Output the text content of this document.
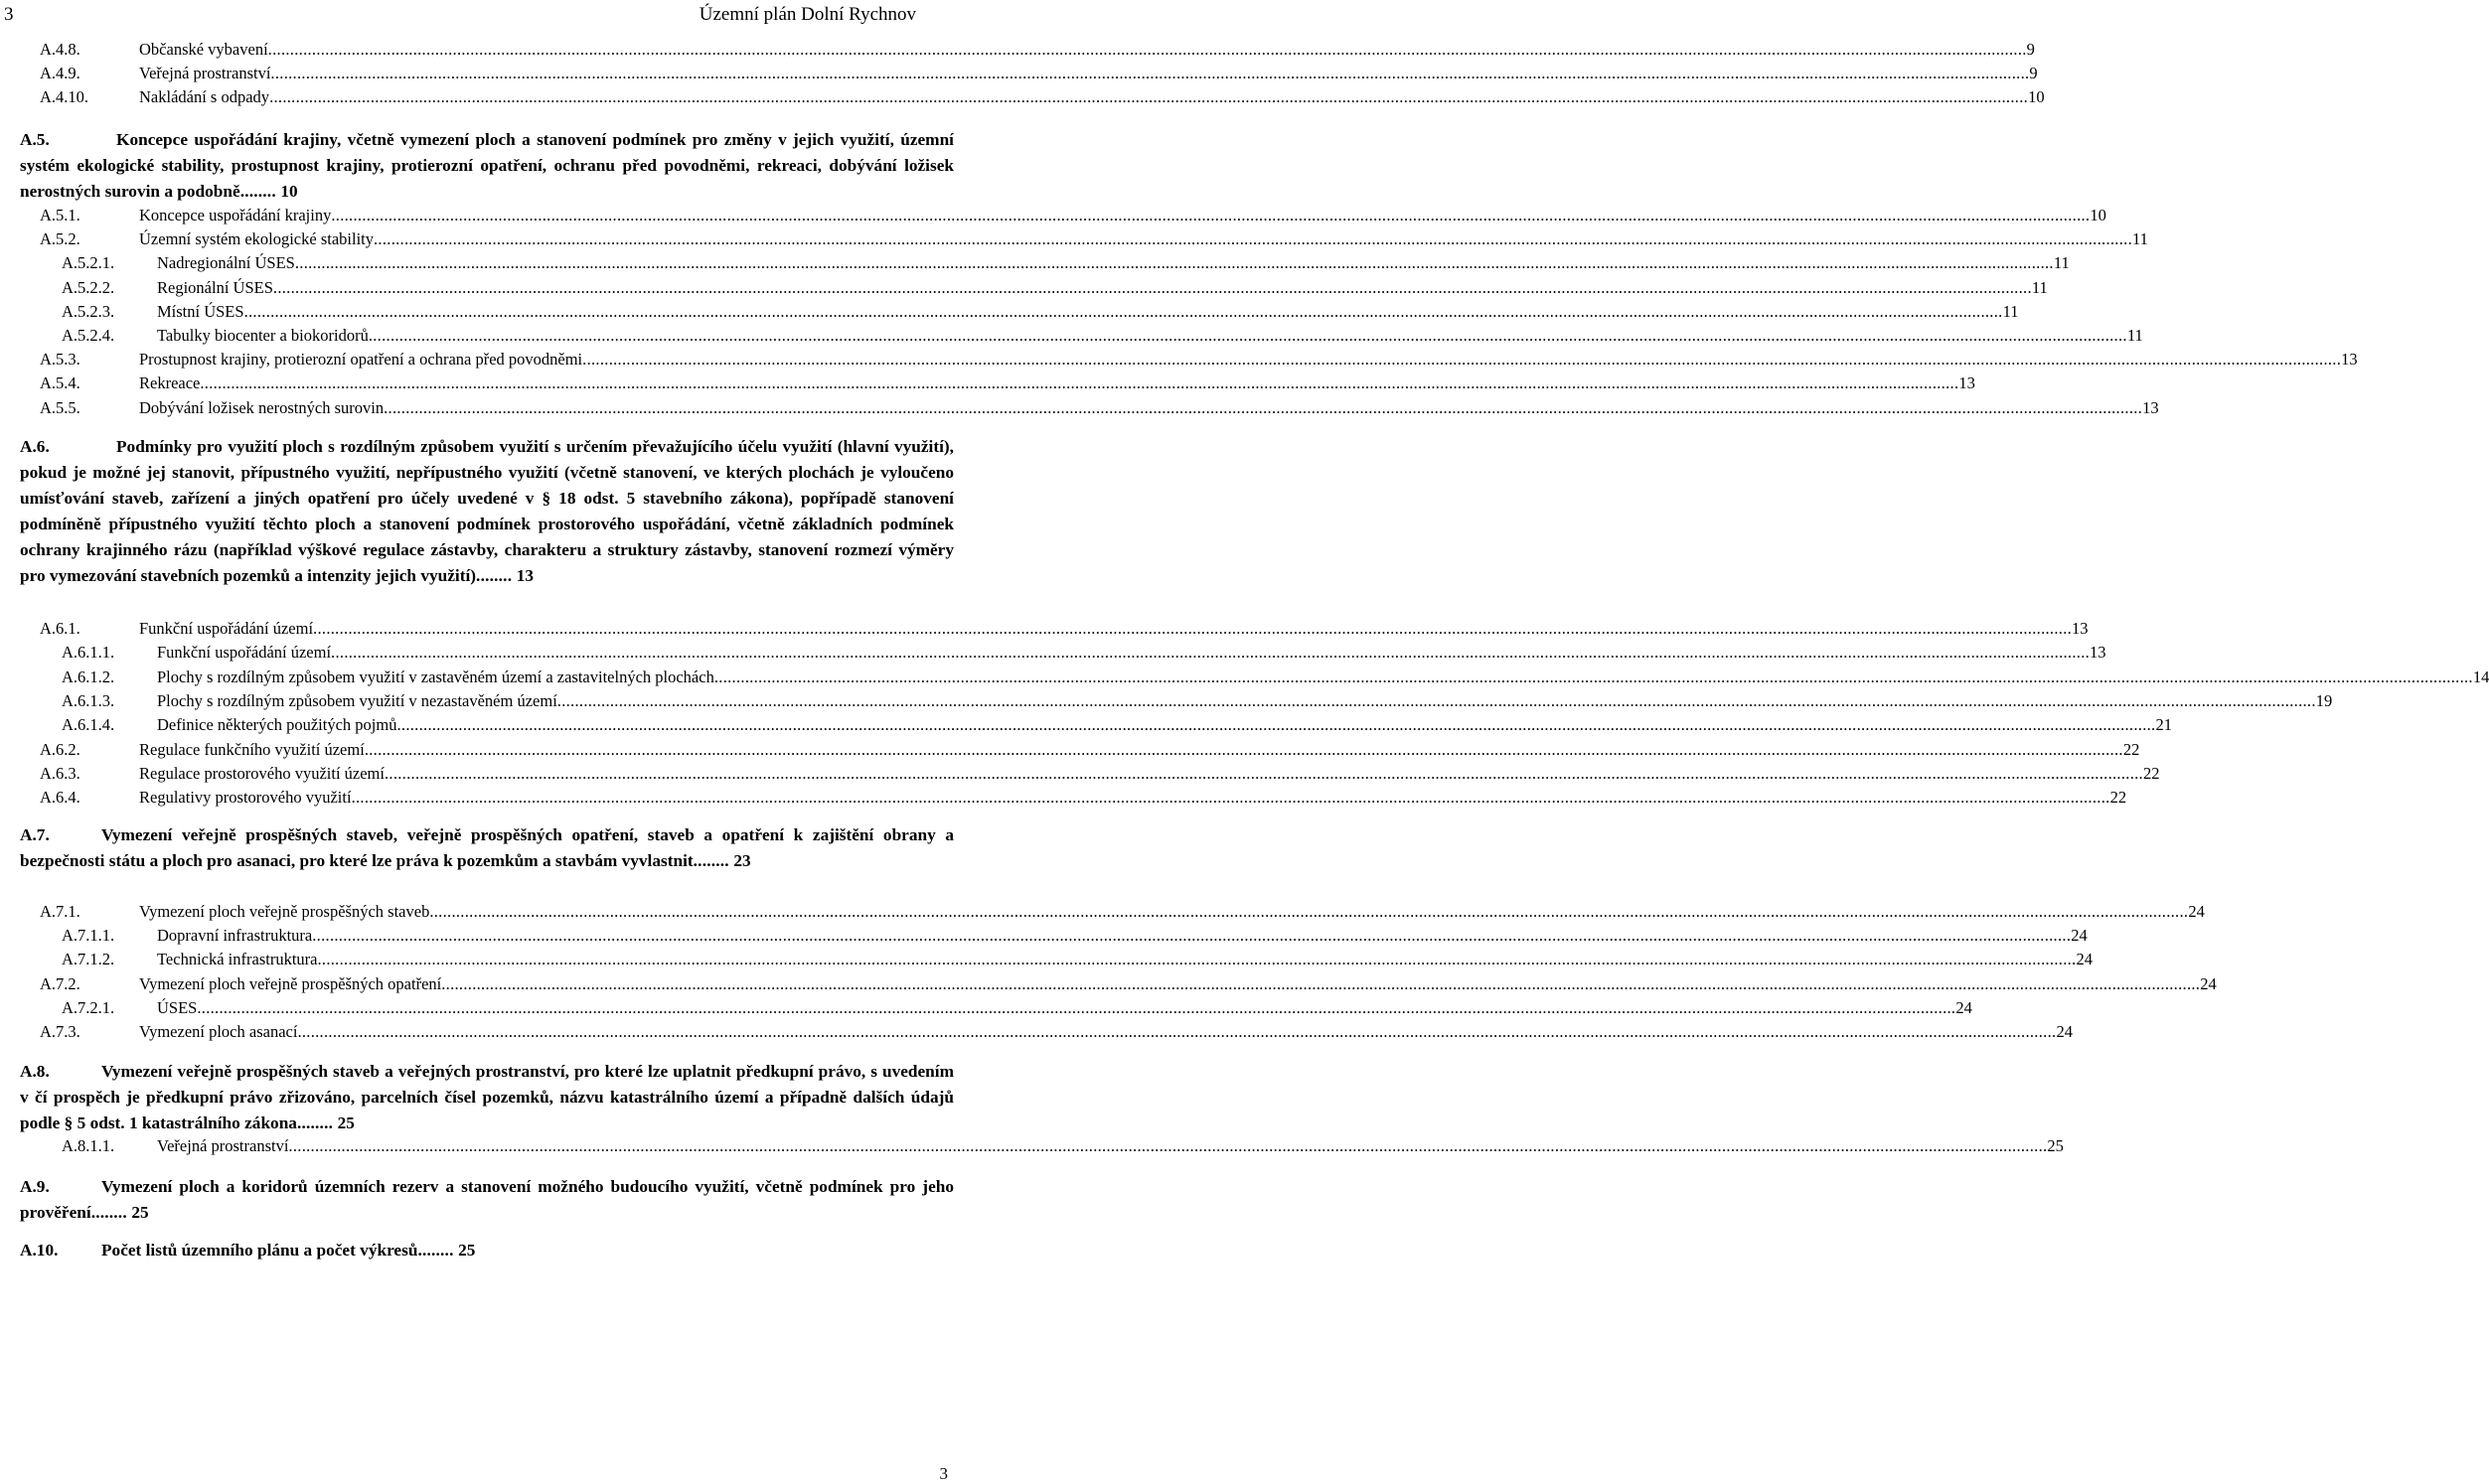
3	Územní plán Dolní Rychnov
A.4.8.	Občanské vybavení ................................................................................................................................................................................................................................................................................................................................................................................................................ 9
A.4.9.	Veřejná prostranství ................................................................................................................................................................................................................................................................................................................................................................................................................ 9
A.4.10.	Nakládání s odpady ................................................................................................................................................................................................................................................................................................................................................................................................................ 10
A.5.	Koncepce uspořádání krajiny, včetně vymezení ploch a stanovení podmínek pro změny v jejich využití, územní systém ekologické stability, prostupnost krajiny, protierozní opatření, ochranu před povodněmi, rekreaci, dobývání ložisek nerostných surovin a podobně........ 10
A.5.1.	Koncepce uspořádání krajiny ................................................................................................................................................................................................................................................................................................................................................................................................................ 10
A.5.2.	Územní systém ekologické stability ................................................................................................................................................................................................................................................................................................................................................................................................................ 11
A.5.2.1.	Nadregionální ÚSES ................................................................................................................................................................................................................................................................................................................................................................................................................ 11
A.5.2.2.	Regionální ÚSES ................................................................................................................................................................................................................................................................................................................................................................................................................ 11
A.5.2.3.	Místní ÚSES ................................................................................................................................................................................................................................................................................................................................................................................................................ 11
A.5.2.4.	Tabulky biocenter a biokoridorů ................................................................................................................................................................................................................................................................................................................................................................................................................ 11
A.5.3.	Prostupnost krajiny, protierozní opatření a ochrana před povodněmi ................................................................................................................................................................................................................................................................................................................................................................................................................ 13
A.5.4.	Rekreace ................................................................................................................................................................................................................................................................................................................................................................................................................ 13
A.5.5.	Dobývání ložisek nerostných surovin ................................................................................................................................................................................................................................................................................................................................................................................................................ 13
A.6.	Podmínky pro využití ploch s rozdílným způsobem využití s určením převažujícího účelu využití (hlavní využití), pokud je možné jej stanovit, přípustného využití, nepřípustného využití (včetně stanovení, ve kterých plochách je vyloučeno umísťování staveb, zařízení a jiných opatření pro účely uvedené v § 18 odst. 5 stavebního zákona), popřípadě stanovení podmíněně přípustného využití těchto ploch a stanovení podmínek prostorového uspořádání, včetně základních podmínek ochrany krajinného rázu (například výškové regulace zástavby, charakteru a struktury zástavby, stanovení rozmezí výměry pro vymezování stavebních pozemků a intenzity jejich využití)........ 13
A.6.1.	Funkční uspořádání území ................................................................................................................................................................................................................................................................................................................................................................................................................ 13
A.6.1.1.	Funkční uspořádání území ................................................................................................................................................................................................................................................................................................................................................................................................................ 13
A.6.1.2.	Plochy s rozdílným způsobem využití v zastavěném území a zastavitelných plochách ................................................................................................................................................................................................................................................................................................................................................................................................................ 14
A.6.1.3.	Plochy s rozdílným způsobem využití v nezastavěném území ................................................................................................................................................................................................................................................................................................................................................................................................................ 19
A.6.1.4.	Definice některých použitých pojmů ................................................................................................................................................................................................................................................................................................................................................................................................................ 21
A.6.2.	Regulace funkčního využití území ................................................................................................................................................................................................................................................................................................................................................................................................................ 22
A.6.3.	Regulace prostorového využití území ................................................................................................................................................................................................................................................................................................................................................................................................................ 22
A.6.4.	Regulativy prostorového využití ................................................................................................................................................................................................................................................................................................................................................................................................................ 22
A.7.	Vymezení veřejně prospěšných staveb, veřejně prospěšných opatření, staveb a opatření k zajištění obrany a bezpečnosti státu a ploch pro asanaci, pro které lze práva k pozemkům a stavbám vyvlastnit........ 23
A.7.1.	Vymezení ploch veřejně prospěšných staveb ................................................................................................................................................................................................................................................................................................................................................................................................................ 24
A.7.1.1.	Dopravní infrastruktura ................................................................................................................................................................................................................................................................................................................................................................................................................ 24
A.7.1.2.	Technická infrastruktura ................................................................................................................................................................................................................................................................................................................................................................................................................ 24
A.7.2.	Vymezení ploch veřejně prospěšných opatření ................................................................................................................................................................................................................................................................................................................................................................................................................ 24
A.7.2.1.	ÚSES ................................................................................................................................................................................................................................................................................................................................................................................................................ 24
A.7.3.	Vymezení ploch asanací ................................................................................................................................................................................................................................................................................................................................................................................................................ 24
A.8.	Vymezení veřejně prospěšných staveb a veřejných prostranství, pro které lze uplatnit předkupní právo, s uvedením v čí prospěch je předkupní právo zřizováno, parcelních čísel pozemků, názvu katastrálního území a případně dalších údajů podle § 5 odst. 1 katastrálního zákona........ 25
A.8.1.1.	Veřejná prostranství ................................................................................................................................................................................................................................................................................................................................................................................................................ 25
A.9.	Vymezení ploch a koridorů územních rezerv a stanovení možného budoucího využití, včetně podmínek pro jeho prověření........ 25
A.10.	Počet listů územního plánu a počet výkresů........ 25
3
